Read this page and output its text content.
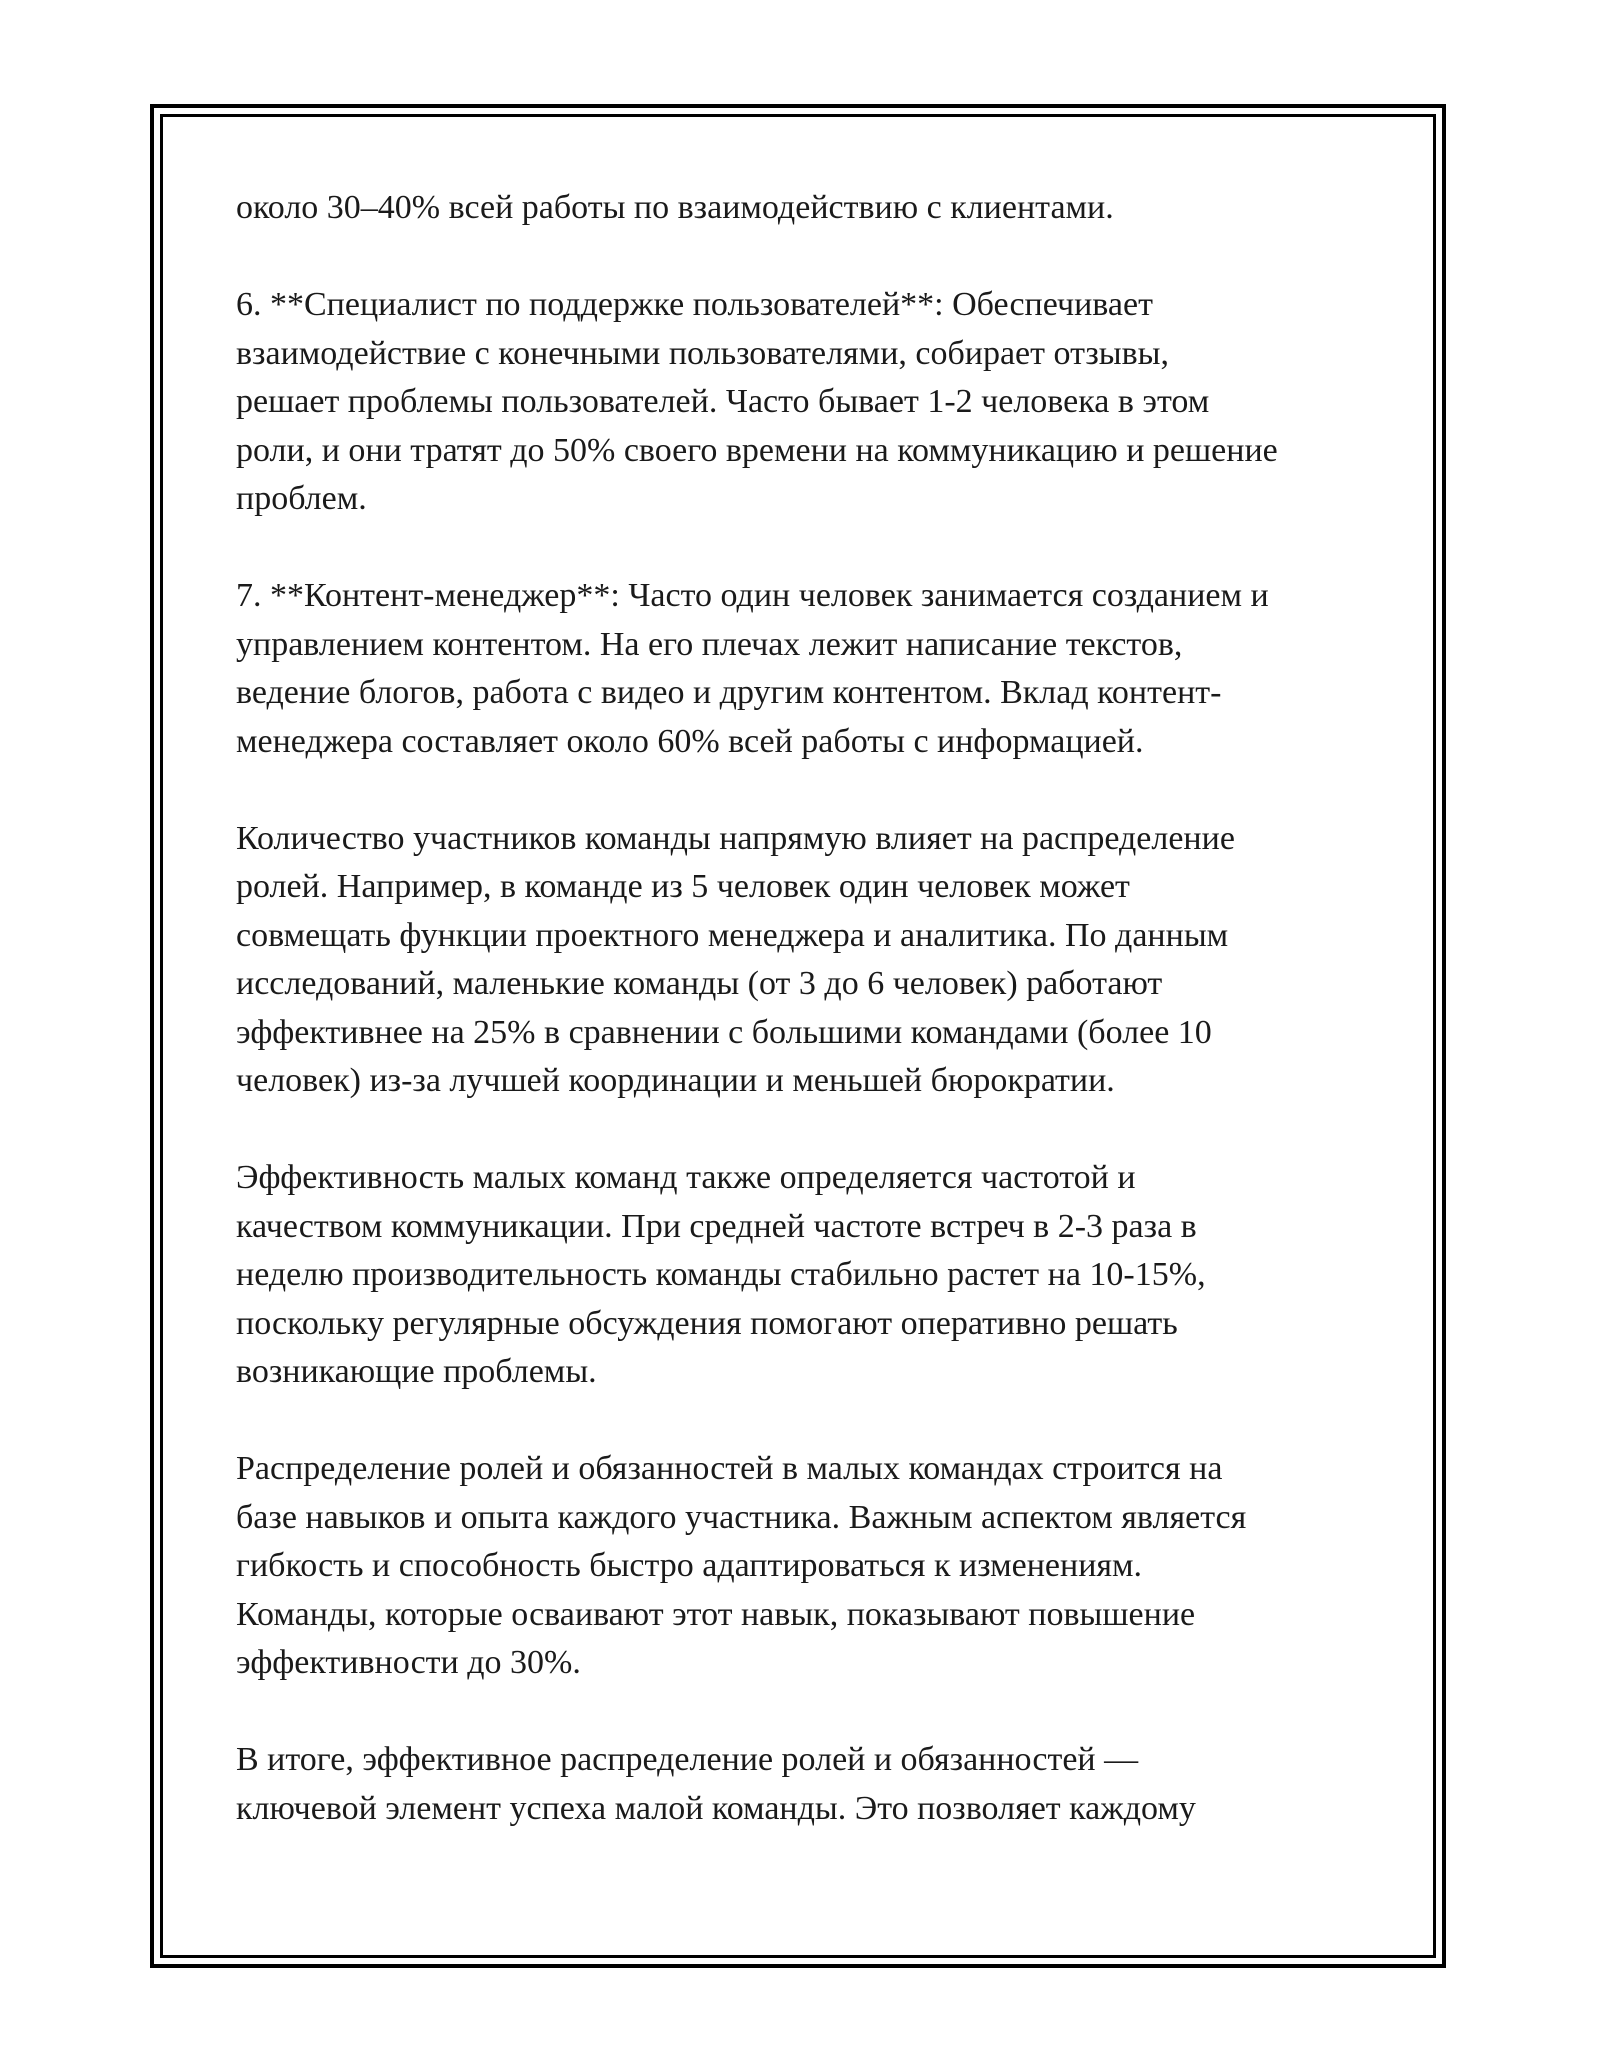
около 30–40% всей работы по взаимодействию с клиентами.

6. **Специалист по поддержке пользователей**: Обеспечивает
взаимодействие с конечными пользователями, собирает отзывы,
решает проблемы пользователей. Часто бывает 1-2 человека в этом
роли, и они тратят до 50% своего времени на коммуникацию и решение
проблем.

7. **Контент-менеджер**: Часто один человек занимается созданием и
управлением контентом. На его плечах лежит написание текстов,
ведение блогов, работа с видео и другим контентом. Вклад контент-
менеджера составляет около 60% всей работы с информацией.

Количество участников команды напрямую влияет на распределение
ролей. Например, в команде из 5 человек один человек может
совмещать функции проектного менеджера и аналитика. По данным
исследований, маленькие команды (от 3 до 6 человек) работают
эффективнее на 25% в сравнении с большими командами (более 10
человек) из-за лучшей координации и меньшей бюрократии.

Эффективность малых команд также определяется частотой и
качеством коммуникации. При средней частоте встреч в 2-3 раза в
неделю производительность команды стабильно растет на 10-15%,
поскольку регулярные обсуждения помогают оперативно решать
возникающие проблемы.

Распределение ролей и обязанностей в малых командах строится на
базе навыков и опыта каждого участника. Важным аспектом является
гибкость и способность быстро адаптироваться к изменениям.
Команды, которые осваивают этот навык, показывают повышение
эффективности до 30%.

В итоге, эффективное распределение ролей и обязанностей —
ключевой элемент успеха малой команды. Это позволяет каждому
